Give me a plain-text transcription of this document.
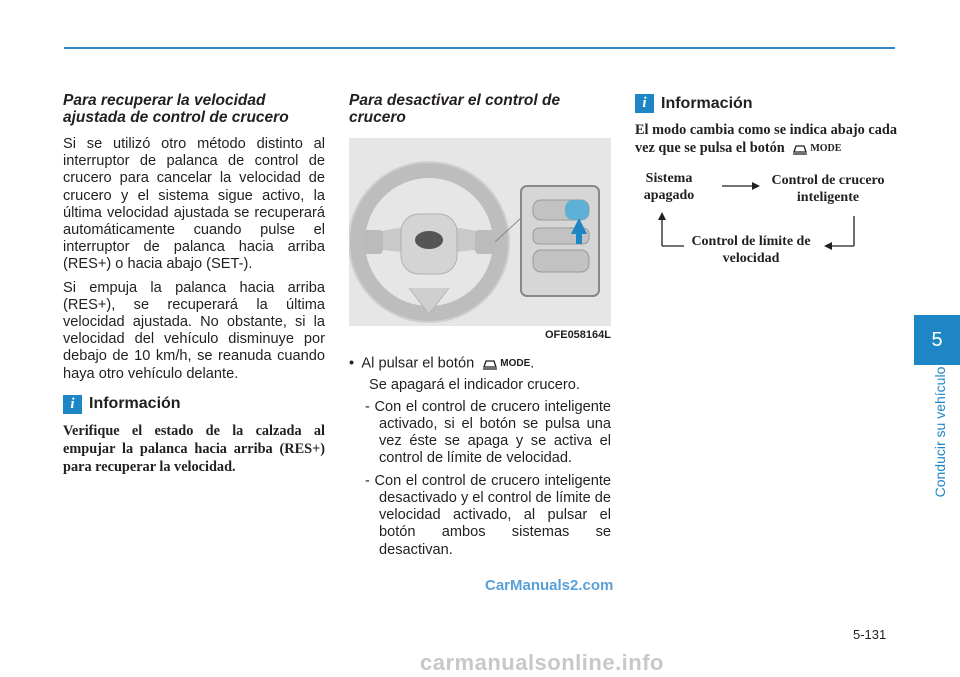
Para recuperar la velocidad ajustada de control de crucero

Si se utilizó otro método distinto al interruptor de palanca de control de crucero para cancelar la velocidad de crucero y el sistema sigue activo, la última velocidad ajustada se recuperará automáticamente cuando pulse el interruptor de palanca hacia arriba (RES+) o hacia abajo (SET-).

Si empuja la palanca hacia arriba (RES+), se recuperará la última velocidad ajustada. No obstante, si la velocidad del vehículo disminuye por debajo de 10 km/h, se reanuda cuando haya otro vehículo delante.

i Información

Verifique el estado de la calzada al empujar la palanca hacia arriba (RES+) para recuperar la velocidad.

Para desactivar el control de crucero
OFE058164L
•  Al pulsar el botón	MODE .
Se apagará el indicador crucero.
- Con el control de crucero inteligente activado, si el botón se pulsa una vez éste se apaga y se activa el control de límite de velocidad.
- Con el control de crucero inteligente desactivado y el control de límite de velocidad activado, al pulsar el botón ambos sistemas se desactivan.
i Información

El modo cambia como se indica abajo cada vez que se pulsa el botón	MODE

Sistema apagado
Control de crucero inteligente
Control de límite de velocidad
5
Conducir su vehículo
5-131
CarManuals2.com
carmanualsonline.info
